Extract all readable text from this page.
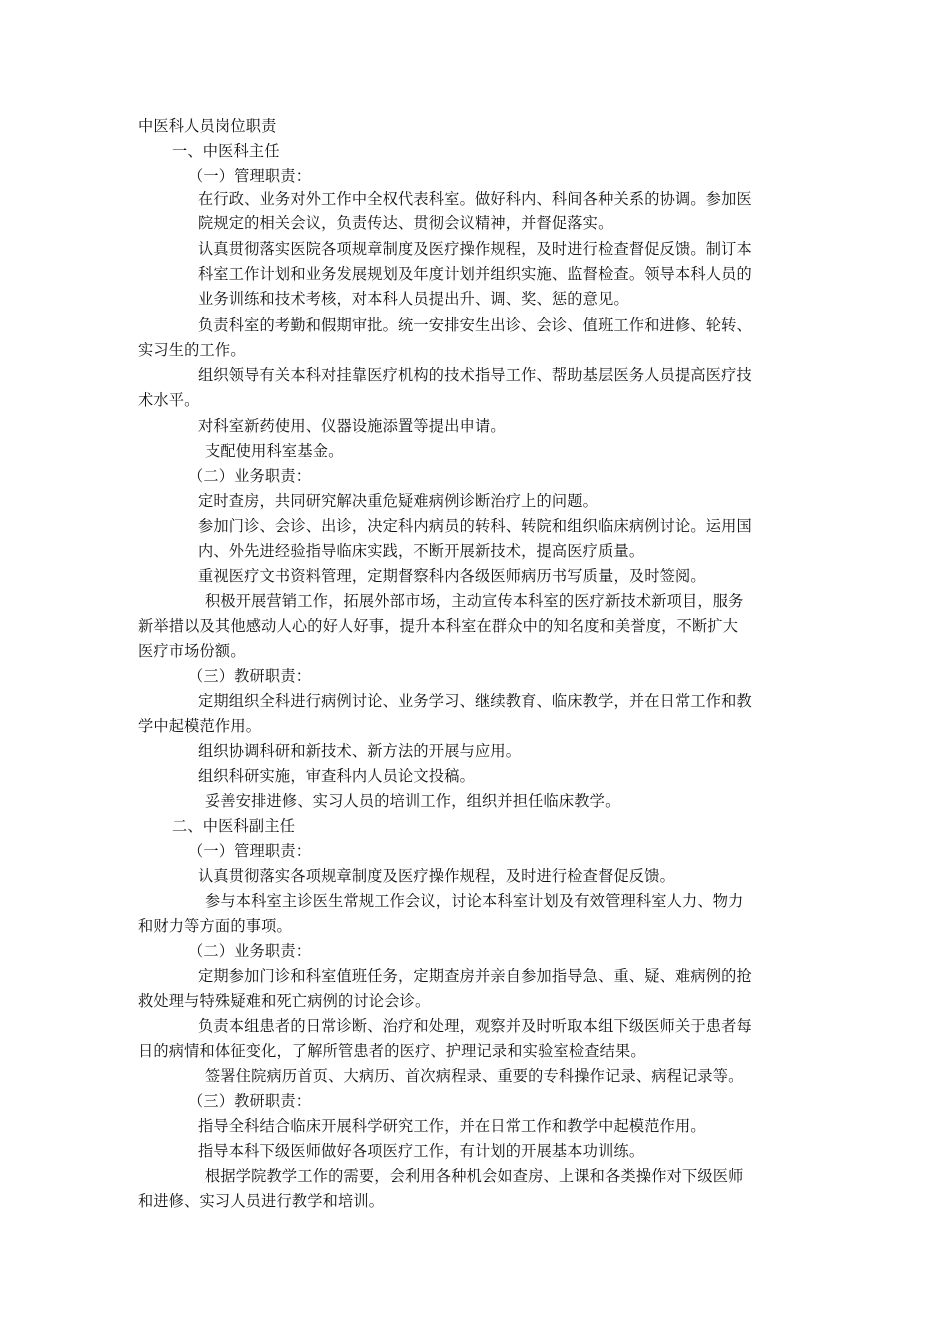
中医科人员岗位职责
一、中医科主任
（一）管理职责：
在行政、业务对外工作中全权代表科室。做好科内、科间各种关系的协调。参加医
院规定的相关会议，负责传达、贯彻会议精神，并督促落实。
认真贯彻落实医院各项规章制度及医疗操作规程，及时进行检查督促反馈。制订本
科室工作计划和业务发展规划及年度计划并组织实施、监督检查。领导本科人员的
业务训练和技术考核，对本科人员提出升、调、奖、惩的意见。
负责科室的考勤和假期审批。统一安排安生出诊、会诊、值班工作和进修、轮转、
实习生的工作。
组织领导有关本科对挂靠医疗机构的技术指导工作、帮助基层医务人员提高医疗技
术水平。
对科室新药使用、仪器设施添置等提出申请。
支配使用科室基金。
（二）业务职责：
定时查房，共同研究解决重危疑难病例诊断治疗上的问题。
参加门诊、会诊、出诊，决定科内病员的转科、转院和组织临床病例讨论。运用国
内、外先进经验指导临床实践，不断开展新技术，提高医疗质量。
重视医疗文书资料管理，定期督察科内各级医师病历书写质量，及时签阅。
积极开展营销工作，拓展外部市场，主动宣传本科室的医疗新技术新项目，服务
新举措以及其他感动人心的好人好事，提升本科室在群众中的知名度和美誉度，不断扩大
医疗市场份额。
（三）教研职责：
定期组织全科进行病例讨论、业务学习、继续教育、临床教学，并在日常工作和教
学中起模范作用。
组织协调科研和新技术、新方法的开展与应用。
组织科研实施，审查科内人员论文投稿。
妥善安排进修、实习人员的培训工作，组织并担任临床教学。
二、中医科副主任
（一）管理职责：
认真贯彻落实各项规章制度及医疗操作规程，及时进行检查督促反馈。
参与本科室主诊医生常规工作会议，讨论本科室计划及有效管理科室人力、物力
和财力等方面的事项。
（二）业务职责：
定期参加门诊和科室值班任务，定期查房并亲自参加指导急、重、疑、难病例的抢
救处理与特殊疑难和死亡病例的讨论会诊。
负责本组患者的日常诊断、治疗和处理，观察并及时听取本组下级医师关于患者每
日的病情和体征变化，了解所管患者的医疗、护理记录和实验室检查结果。
签署住院病历首页、大病历、首次病程录、重要的专科操作记录、病程记录等。
（三）教研职责：
指导全科结合临床开展科学研究工作，并在日常工作和教学中起模范作用。
指导本科下级医师做好各项医疗工作，有计划的开展基本功训练。
根据学院教学工作的需要，会利用各种机会如查房、上课和各类操作对下级医师
和进修、实习人员进行教学和培训。
